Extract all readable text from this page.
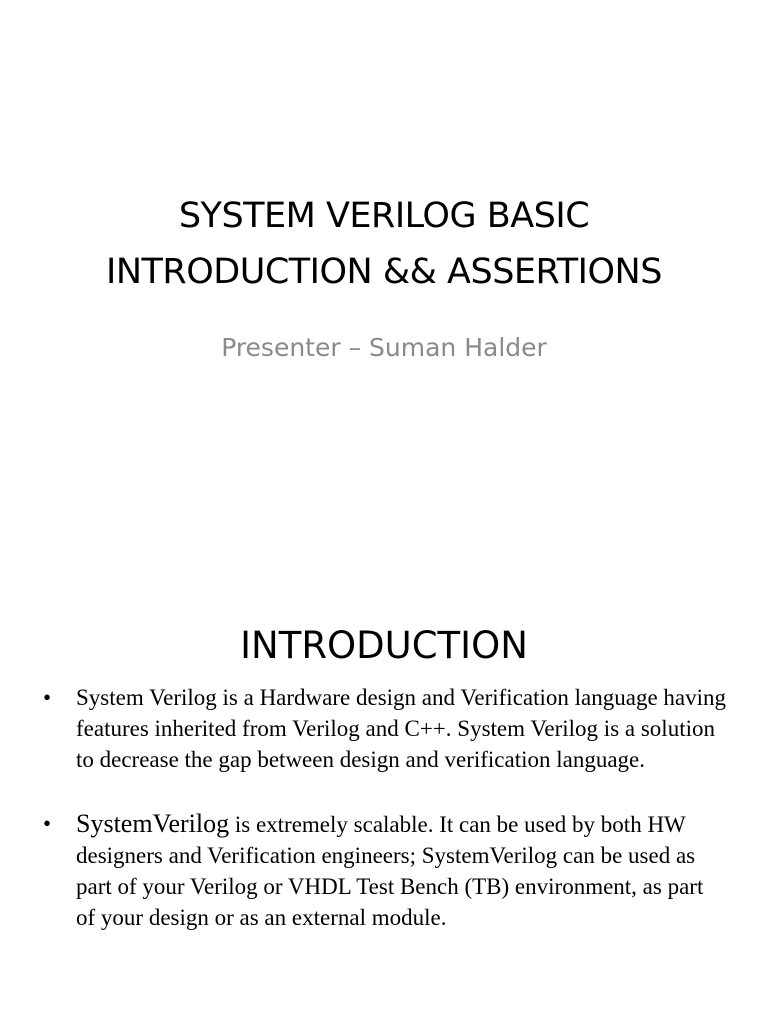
SYSTEM VERILOG BASIC
INTRODUCTION && ASSERTIONS

Presenter – Suman Halder

INTRODUCTION
• System Verilog is a Hardware design and Verification language having features inherited from Verilog and C++. System Verilog is a solution to decrease the gap between design and verification language.
• SystemVerilog is extremely scalable. It can be used by both HW designers and Verification engineers; SystemVerilog can be used as part of your Verilog or VHDL Test Bench (TB) environment, as part of your design or as an external module.
